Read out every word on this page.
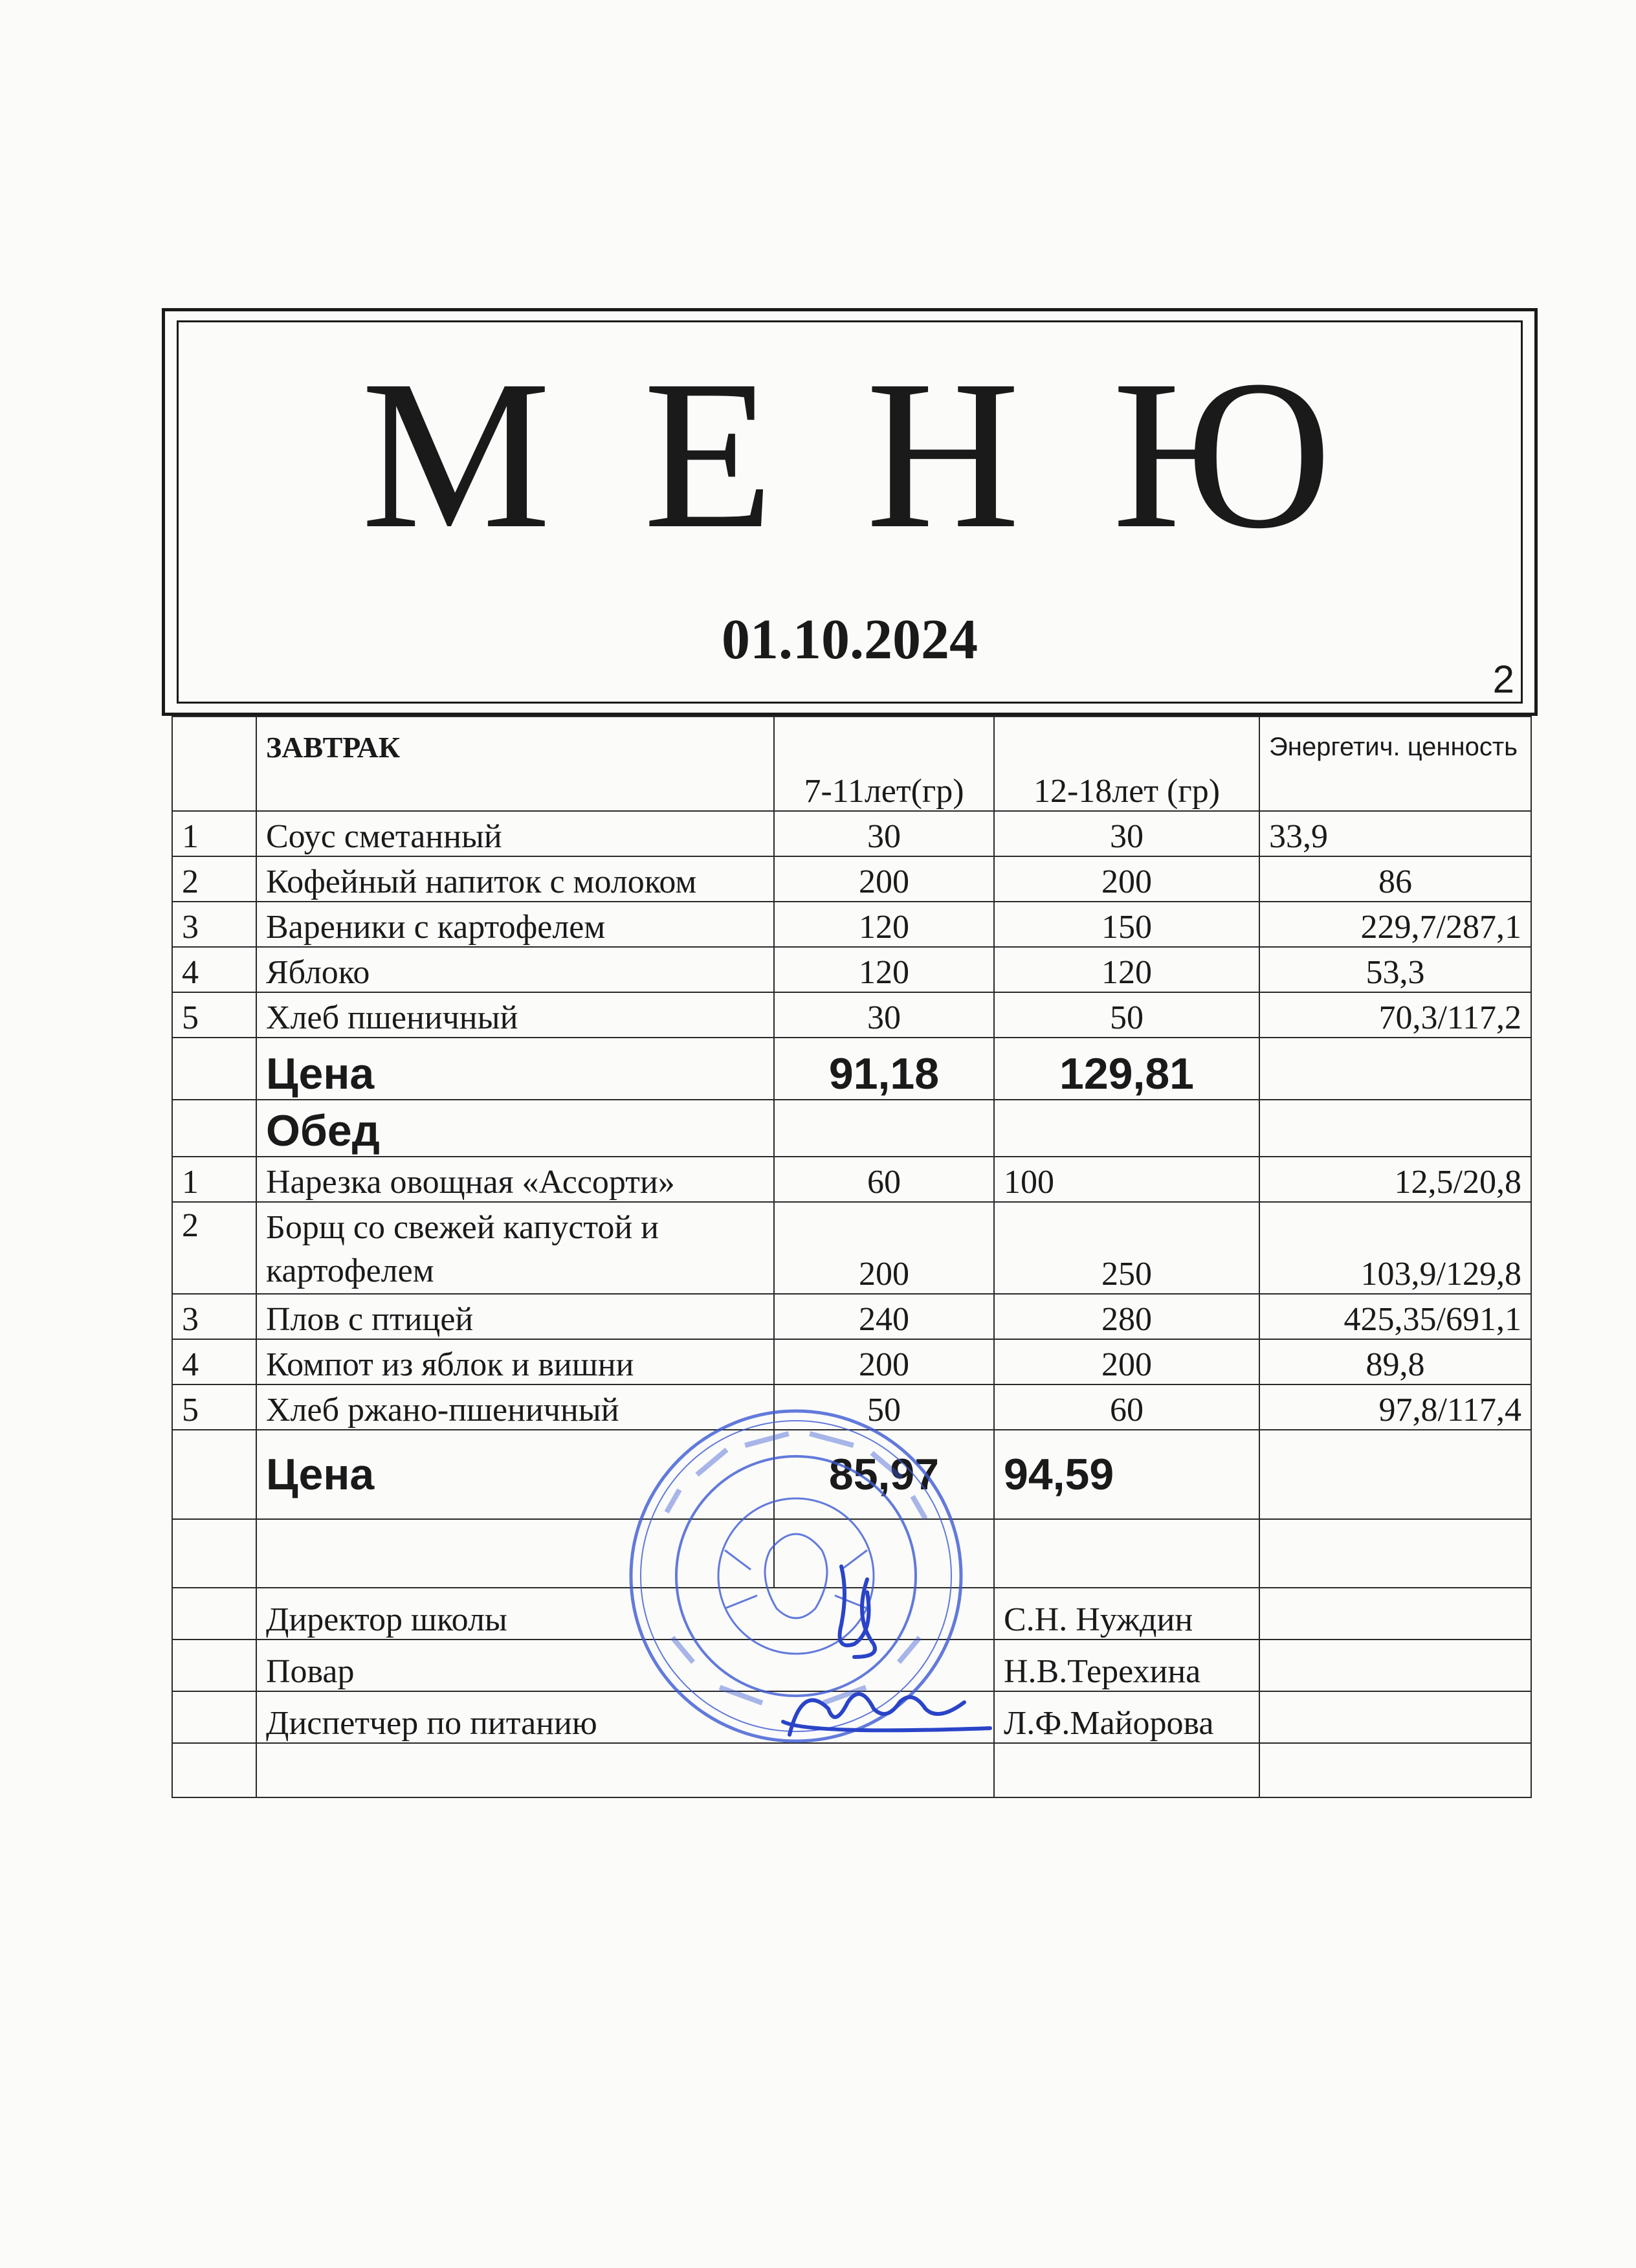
М Е Н Ю
01.10.2024
2
	ЗАВТРАК	7-11лет(гр)	12-18лет (гр)	Энергетич. ценность
1	Соус сметанный	30	30	33,9
2	Кофейный напиток с молоком	200	200	86
3	Вареники с картофелем	120	150	229,7/287,1
4	Яблоко	120	120	53,3
5	Хлеб пшеничный	30	50	70,3/117,2
	Цена	91,18	129,81	
	Обед			
1	Нарезка овощная «Ассорти»	60	100	12,5/20,8
2	Борщ со свежей капустой и картофелем	200	250	103,9/129,8
3	Плов с птицей	240	280	425,35/691,1
4	Компот из яблок и вишни	200	200	89,8
5	Хлеб ржано-пшеничный	50	60	97,8/117,4
	Цена	85,97	94,59	

	Директор школы		С.Н. Нуждин	
	Повар		Н.В.Терехина	
	Диспетчер по питанию		Л.Ф.Майорова	
